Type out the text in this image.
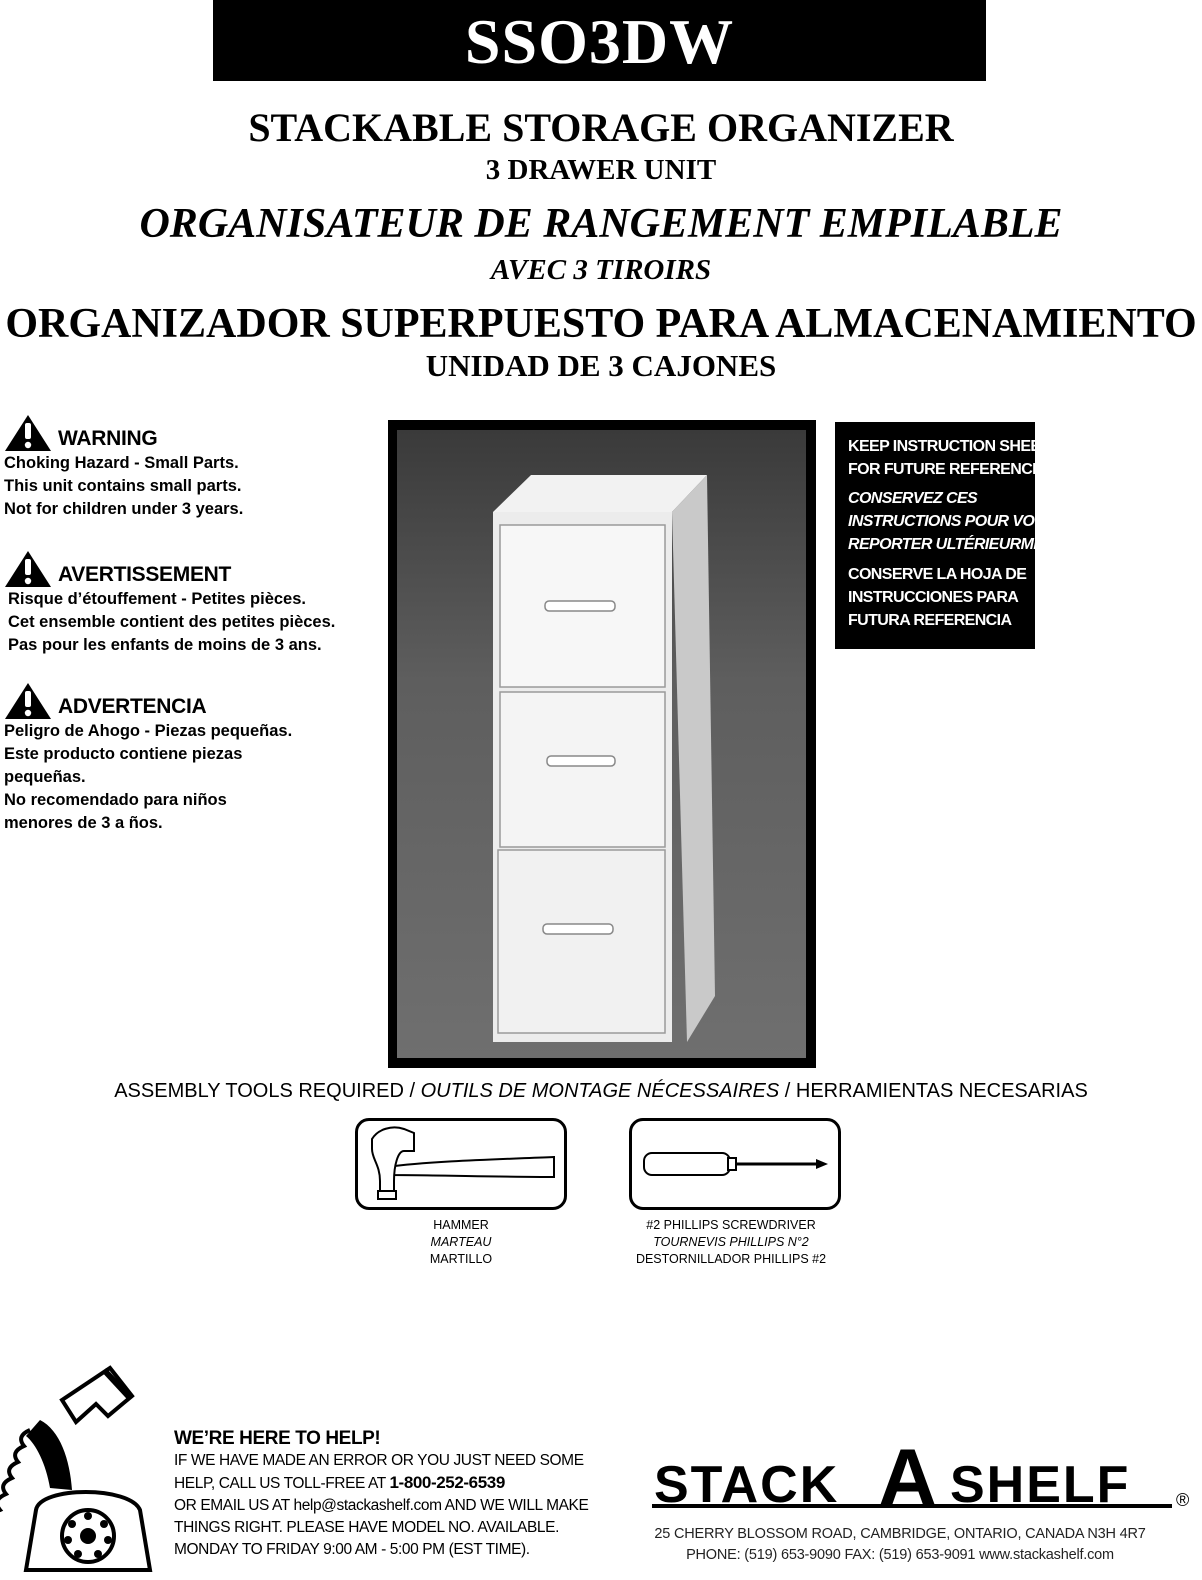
SSO3DW
STACKABLE STORAGE ORGANIZER
3 DRAWER UNIT
ORGANISATEUR DE RANGEMENT EMPILABLE
AVEC 3 TIROIRS
ORGANIZADOR SUPERPUESTO PARA ALMACENAMIENTO
UNIDAD DE 3 CAJONES
WARNING
Choking Hazard - Small Parts.
This unit contains small parts.
Not for children under 3 years.
AVERTISSEMENT
Risque d’étouffement - Petites pièces.
Cet ensemble contient des petites pièces.
Pas pour les enfants de moins de 3 ans.
ADVERTENCIA
Peligro de Ahogo - Piezas pequeñas.
Este producto contiene piezas
pequeñas.
No recomendado para niños
menores de 3 a ños.
KEEP INSTRUCTION SHEET
FOR FUTURE REFERENCE
CONSERVEZ CES
INSTRUCTIONS POUR VOUS Y
REPORTER ULTÉRIEURMENT
CONSERVE LA HOJA DE
INSTRUCCIONES PARA
FUTURA REFERENCIA
ASSEMBLY TOOLS REQUIRED / OUTILS DE MONTAGE NÉCESSAIRES / HERRAMIENTAS NECESARIAS
HAMMER
MARTEAU
MARTILLO
#2 PHILLIPS SCREWDRIVER
TOURNEVIS PHILLIPS N°2
DESTORNILLADOR PHILLIPS #2
WE’RE HERE TO HELP!
IF WE HAVE MADE AN ERROR OR YOU JUST NEED SOME
HELP, CALL US TOLL-FREE AT 1-800-252-6539
OR EMAIL US AT help@stackashelf.com AND WE WILL MAKE
THINGS RIGHT. PLEASE HAVE MODEL NO. AVAILABLE.
MONDAY TO FRIDAY 9:00 AM - 5:00 PM (EST TIME).
STACK A SHELF	®
25 CHERRY BLOSSOM ROAD, CAMBRIDGE, ONTARIO, CANADA N3H 4R7
PHONE: (519) 653-9090 FAX: (519) 653-9091 www.stackashelf.com
